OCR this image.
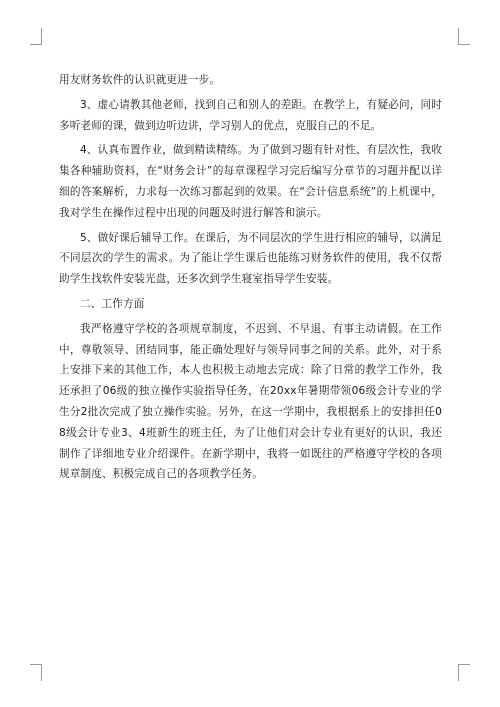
用友财务软件的认识就更进一步。

3、虚心请教其他老师，找到自己和别人的差距。在教学上，有疑必问，同时多听老师的课，做到边听边讲，学习别人的优点，克服自己的不足。

4、认真布置作业，做到精读精练。为了做到习题有针对性、有层次性，我收集各种辅助资料，在“财务会计”的每章课程学习完后编写分章节的习题并配以详细的答案解析，力求每一次练习都起到的效果。在“会计信息系统”的上机课中，我对学生在操作过程中出现的问题及时进行解答和演示。

5、做好课后辅导工作。在课后，为不同层次的学生进行相应的辅导，以满足不同层次的学生的需求。为了能让学生课后也能练习财务软件的使用，我不仅帮助学生找软件安装光盘，还多次到学生寝室指导学生安装。

二、工作方面

我严格遵守学校的各项规章制度，不迟到、不早退、有事主动请假。在工作中，尊敬领导、团结同事，能正确处理好与领导同事之间的关系。此外，对于系上安排下来的其他工作，本人也积极主动地去完成：除了日常的教学工作外，我还承担了06级的独立操作实验指导任务，在20xx年暑期带领06级会计专业的学生分2批次完成了独立操作实验。另外，在这一学期中，我根据系上的安排担任08级会计专业3、4班新生的班主任，为了让他们对会计专业有更好的认识，我还制作了详细地专业介绍课件。在新学期中，我将一如既往的严格遵守学校的各项规章制度、积极完成自己的各项教学任务。
